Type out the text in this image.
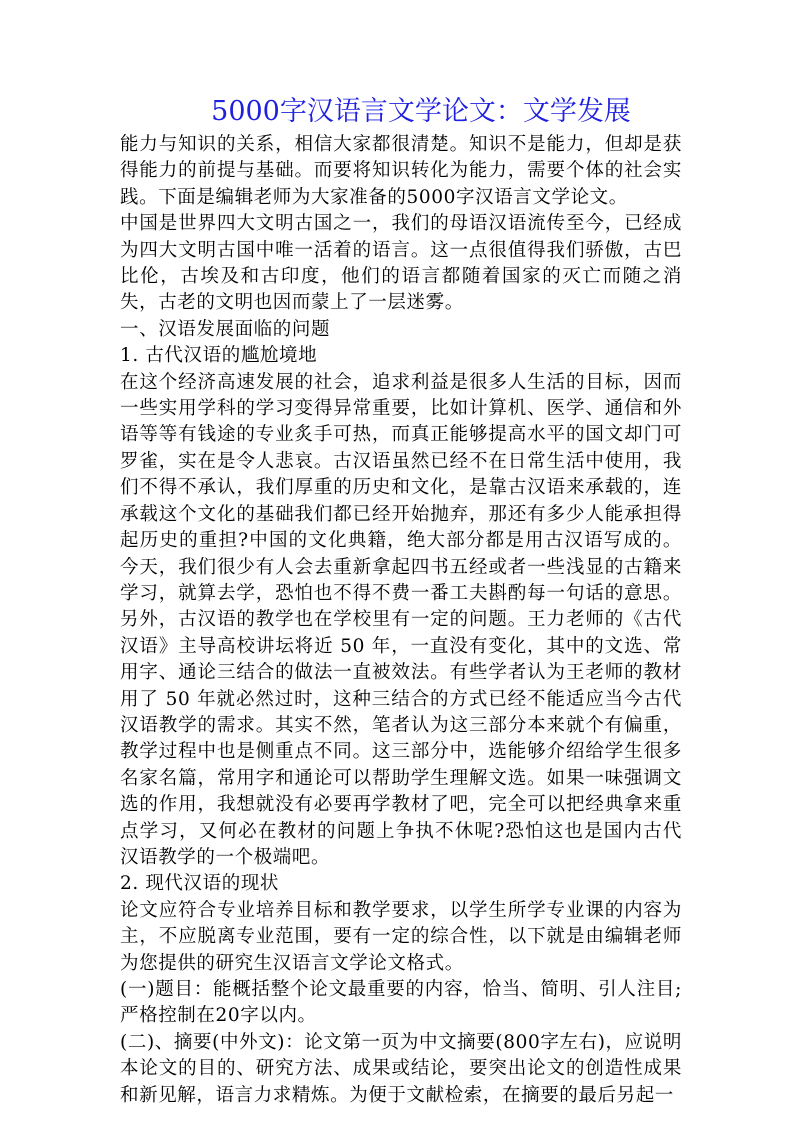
5000字汉语言文学论文：文学发展

能力与知识的关系，相信大家都很清楚。知识不是能力，但却是获得能力的前提与基础。而要将知识转化为能力，需要个体的社会实践。下面是编辑老师为大家准备的5000字汉语言文学论文。

中国是世界四大文明古国之一，我们的母语汉语流传至今，已经成为四大文明古国中唯一活着的语言。这一点很值得我们骄傲，古巴比伦，古埃及和古印度，他们的语言都随着国家的灭亡而随之消失，古老的文明也因而蒙上了一层迷雾。

一、汉语发展面临的问题

1. 古代汉语的尴尬境地

在这个经济高速发展的社会，追求利益是很多人生活的目标，因而一些实用学科的学习变得异常重要，比如计算机、医学、通信和外语等等有钱途的专业炙手可热，而真正能够提高水平的国文却门可罗雀，实在是令人悲哀。古汉语虽然已经不在日常生活中使用，我们不得不承认，我们厚重的历史和文化，是靠古汉语来承载的，连承载这个文化的基础我们都已经开始抛弃，那还有多少人能承担得起历史的重担?中国的文化典籍，绝大部分都是用古汉语写成的。今天，我们很少有人会去重新拿起四书五经或者一些浅显的古籍来学习，就算去学，恐怕也不得不费一番工夫斟酌每一句话的意思。另外，古汉语的教学也在学校里有一定的问题。王力老师的《古代汉语》主导高校讲坛将近 50 年，一直没有变化，其中的文选、常用字、通论三结合的做法一直被效法。有些学者认为王老师的教材用了 50 年就必然过时，这种三结合的方式已经不能适应当今古代汉语教学的需求。其实不然，笔者认为这三部分本来就个有偏重，教学过程中也是侧重点不同。这三部分中，选能够介绍给学生很多名家名篇，常用字和通论可以帮助学生理解文选。如果一味强调文选的作用，我想就没有必要再学教材了吧，完全可以把经典拿来重点学习，又何必在教材的问题上争执不休呢?恐怕这也是国内古代汉语教学的一个极端吧。

2. 现代汉语的现状

论文应符合专业培养目标和教学要求，以学生所学专业课的内容为主，不应脱离专业范围，要有一定的综合性，以下就是由编辑老师为您提供的研究生汉语言文学论文格式。

(一)题目：能概括整个论文最重要的内容，恰当、简明、引人注目;严格控制在20字以内。

(二)、摘要(中外文)：论文第一页为中文摘要(800字左右)，应说明本论文的目的、研究方法、成果或结论，要突出论文的创造性成果和新见解，语言力求精炼。为便于文献检索，在摘要的最后另起一
